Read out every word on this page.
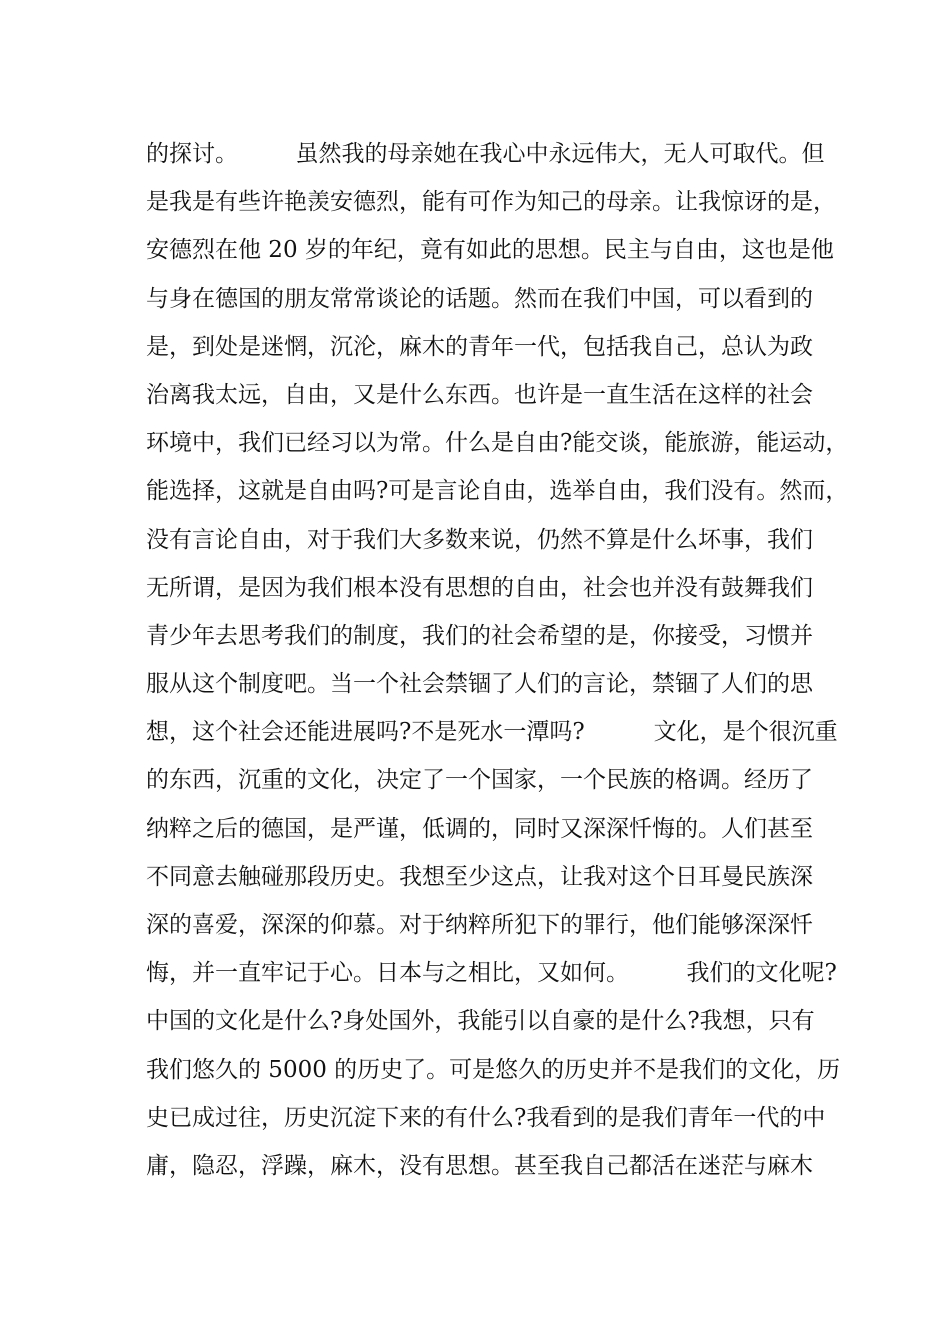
的探讨。　　　虽然我的母亲她在我心中永远伟大，无人可取代。但
是我是有些许艳羡安德烈，能有可作为知己的母亲。让我惊讶的是，
安德烈在他 20 岁的年纪，竟有如此的思想。民主与自由，这也是他
与身在德国的朋友常常谈论的话题。然而在我们中国，可以看到的
是，到处是迷惘，沉沦，麻木的青年一代，包括我自己，总认为政
治离我太远，自由，又是什么东西。也许是一直生活在这样的社会
环境中，我们已经习以为常。什么是自由?能交谈，能旅游，能运动，
能选择，这就是自由吗?可是言论自由，选举自由，我们没有。然而，
没有言论自由，对于我们大多数来说，仍然不算是什么坏事，我们
无所谓，是因为我们根本没有思想的自由，社会也并没有鼓舞我们
青少年去思考我们的制度，我们的社会希望的是，你接受，习惯并
服从这个制度吧。当一个社会禁锢了人们的言论，禁锢了人们的思
想，这个社会还能进展吗?不是死水一潭吗?　　　文化，是个很沉重
的东西，沉重的文化，决定了一个国家，一个民族的格调。经历了
纳粹之后的德国，是严谨，低调的，同时又深深忏悔的。人们甚至
不同意去触碰那段历史。我想至少这点，让我对这个日耳曼民族深
深的喜爱，深深的仰慕。对于纳粹所犯下的罪行，他们能够深深忏
悔，并一直牢记于心。日本与之相比，又如何。　　　我们的文化呢?
中国的文化是什么?身处国外，我能引以自豪的是什么?我想，只有
我们悠久的 5000 的历史了。可是悠久的历史并不是我们的文化，历
史已成过往，历史沉淀下来的有什么?我看到的是我们青年一代的中
庸，隐忍，浮躁，麻木，没有思想。甚至我自己都活在迷茫与麻木
